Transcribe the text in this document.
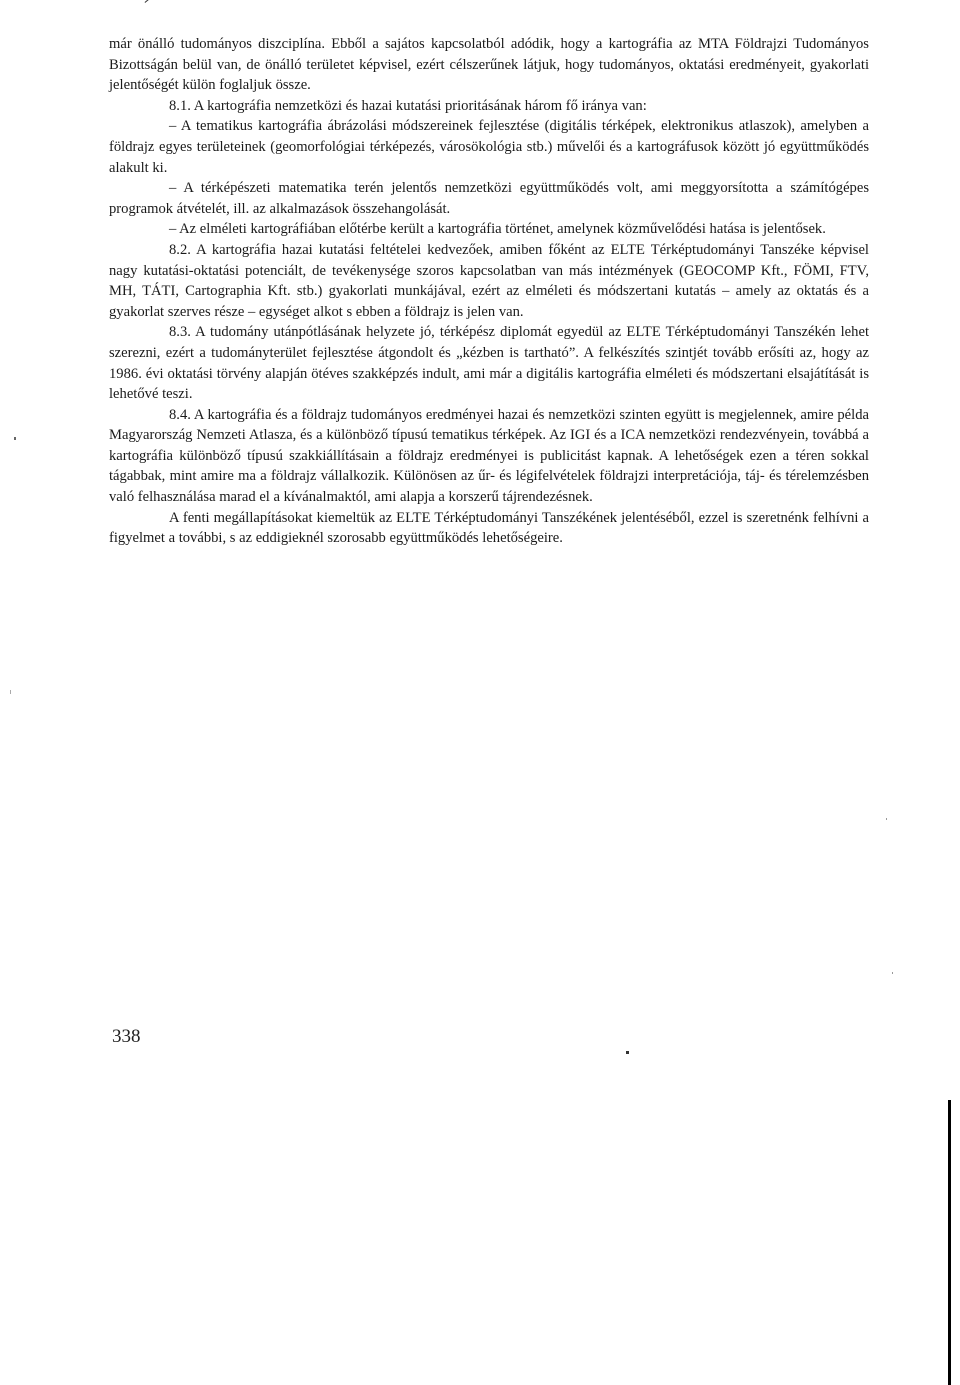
már önálló tudományos diszciplína. Ebből a sajátos kapcsolatból adódik, hogy a kartográfia az MTA Földrajzi Tudományos Bizottságán belül van, de önálló területet képvisel, ezért célszerűnek látjuk, hogy tudományos, oktatási eredményeit, gyakorlati jelentőségét külön foglaljuk össze.

8.1. A kartográfia nemzetközi és hazai kutatási prioritásának három fő iránya van:

– A tematikus kartográfia ábrázolási módszereinek fejlesztése (digitális térképek, elektronikus atlaszok), amelyben a földrajz egyes területeinek (geomorfológiai térképezés, városökológia stb.) művelői és a kartográfusok között jó együttműködés alakult ki.

– A térképészeti matematika terén jelentős nemzetközi együttműködés volt, ami meggyorsította a számítógépes programok átvételét, ill. az alkalmazások összehangolását.

– Az elméleti kartográfiában előtérbe került a kartográfia történet, amelynek közművelődési hatása is jelentősek.

8.2. A kartográfia hazai kutatási feltételei kedvezőek, amiben főként az ELTE Térképtudományi Tanszéke képvisel nagy kutatási-oktatási potenciált, de tevékenysége szoros kapcsolatban van más intézmények (GEOCOMP Kft., FÖMI, FTV, MH, TÁTI, Cartographia Kft. stb.) gyakorlati munkájával, ezért az elméleti és módszertani kutatás – amely az oktatás és a gyakorlat szerves része – egységet alkot s ebben a földrajz is jelen van.

8.3. A tudomány utánpótlásának helyzete jó, térképész diplomát egyedül az ELTE Térképtudományi Tanszékén lehet szerezni, ezért a tudományterület fejlesztése átgondolt és „kézben is tartható”. A felkészítés szintjét tovább erősíti az, hogy az 1986. évi oktatási törvény alapján ötéves szakképzés indult, ami már a digitális kartográfia elméleti és módszertani elsajátítását is lehetővé teszi.

8.4. A kartográfia és a földrajz tudományos eredményei hazai és nemzetközi szinten együtt is megjelennek, amire példa Magyarország Nemzeti Atlasza, és a különböző típusú tematikus térképek. Az IGI és a ICA nemzetközi rendezvényein, továbbá a kartográfia különböző típusú szakkiállításain a földrajz eredményei is publicitást kapnak. A lehetőségek ezen a téren sokkal tágabbak, mint amire ma a földrajz vállalkozik. Különösen az űr- és légifelvételek földrajzi interpretációja, táj- és térelemzésben való felhasználása marad el a kívánalmaktól, ami alapja a korszerű tájrendezésnek.

A fenti megállapításokat kiemeltük az ELTE Térképtudományi Tanszékének jelentéséből, ezzel is szeretnénk felhívni a figyelmet a további, s az eddigieknél szorosabb együttműködés lehetőségeire.

338
